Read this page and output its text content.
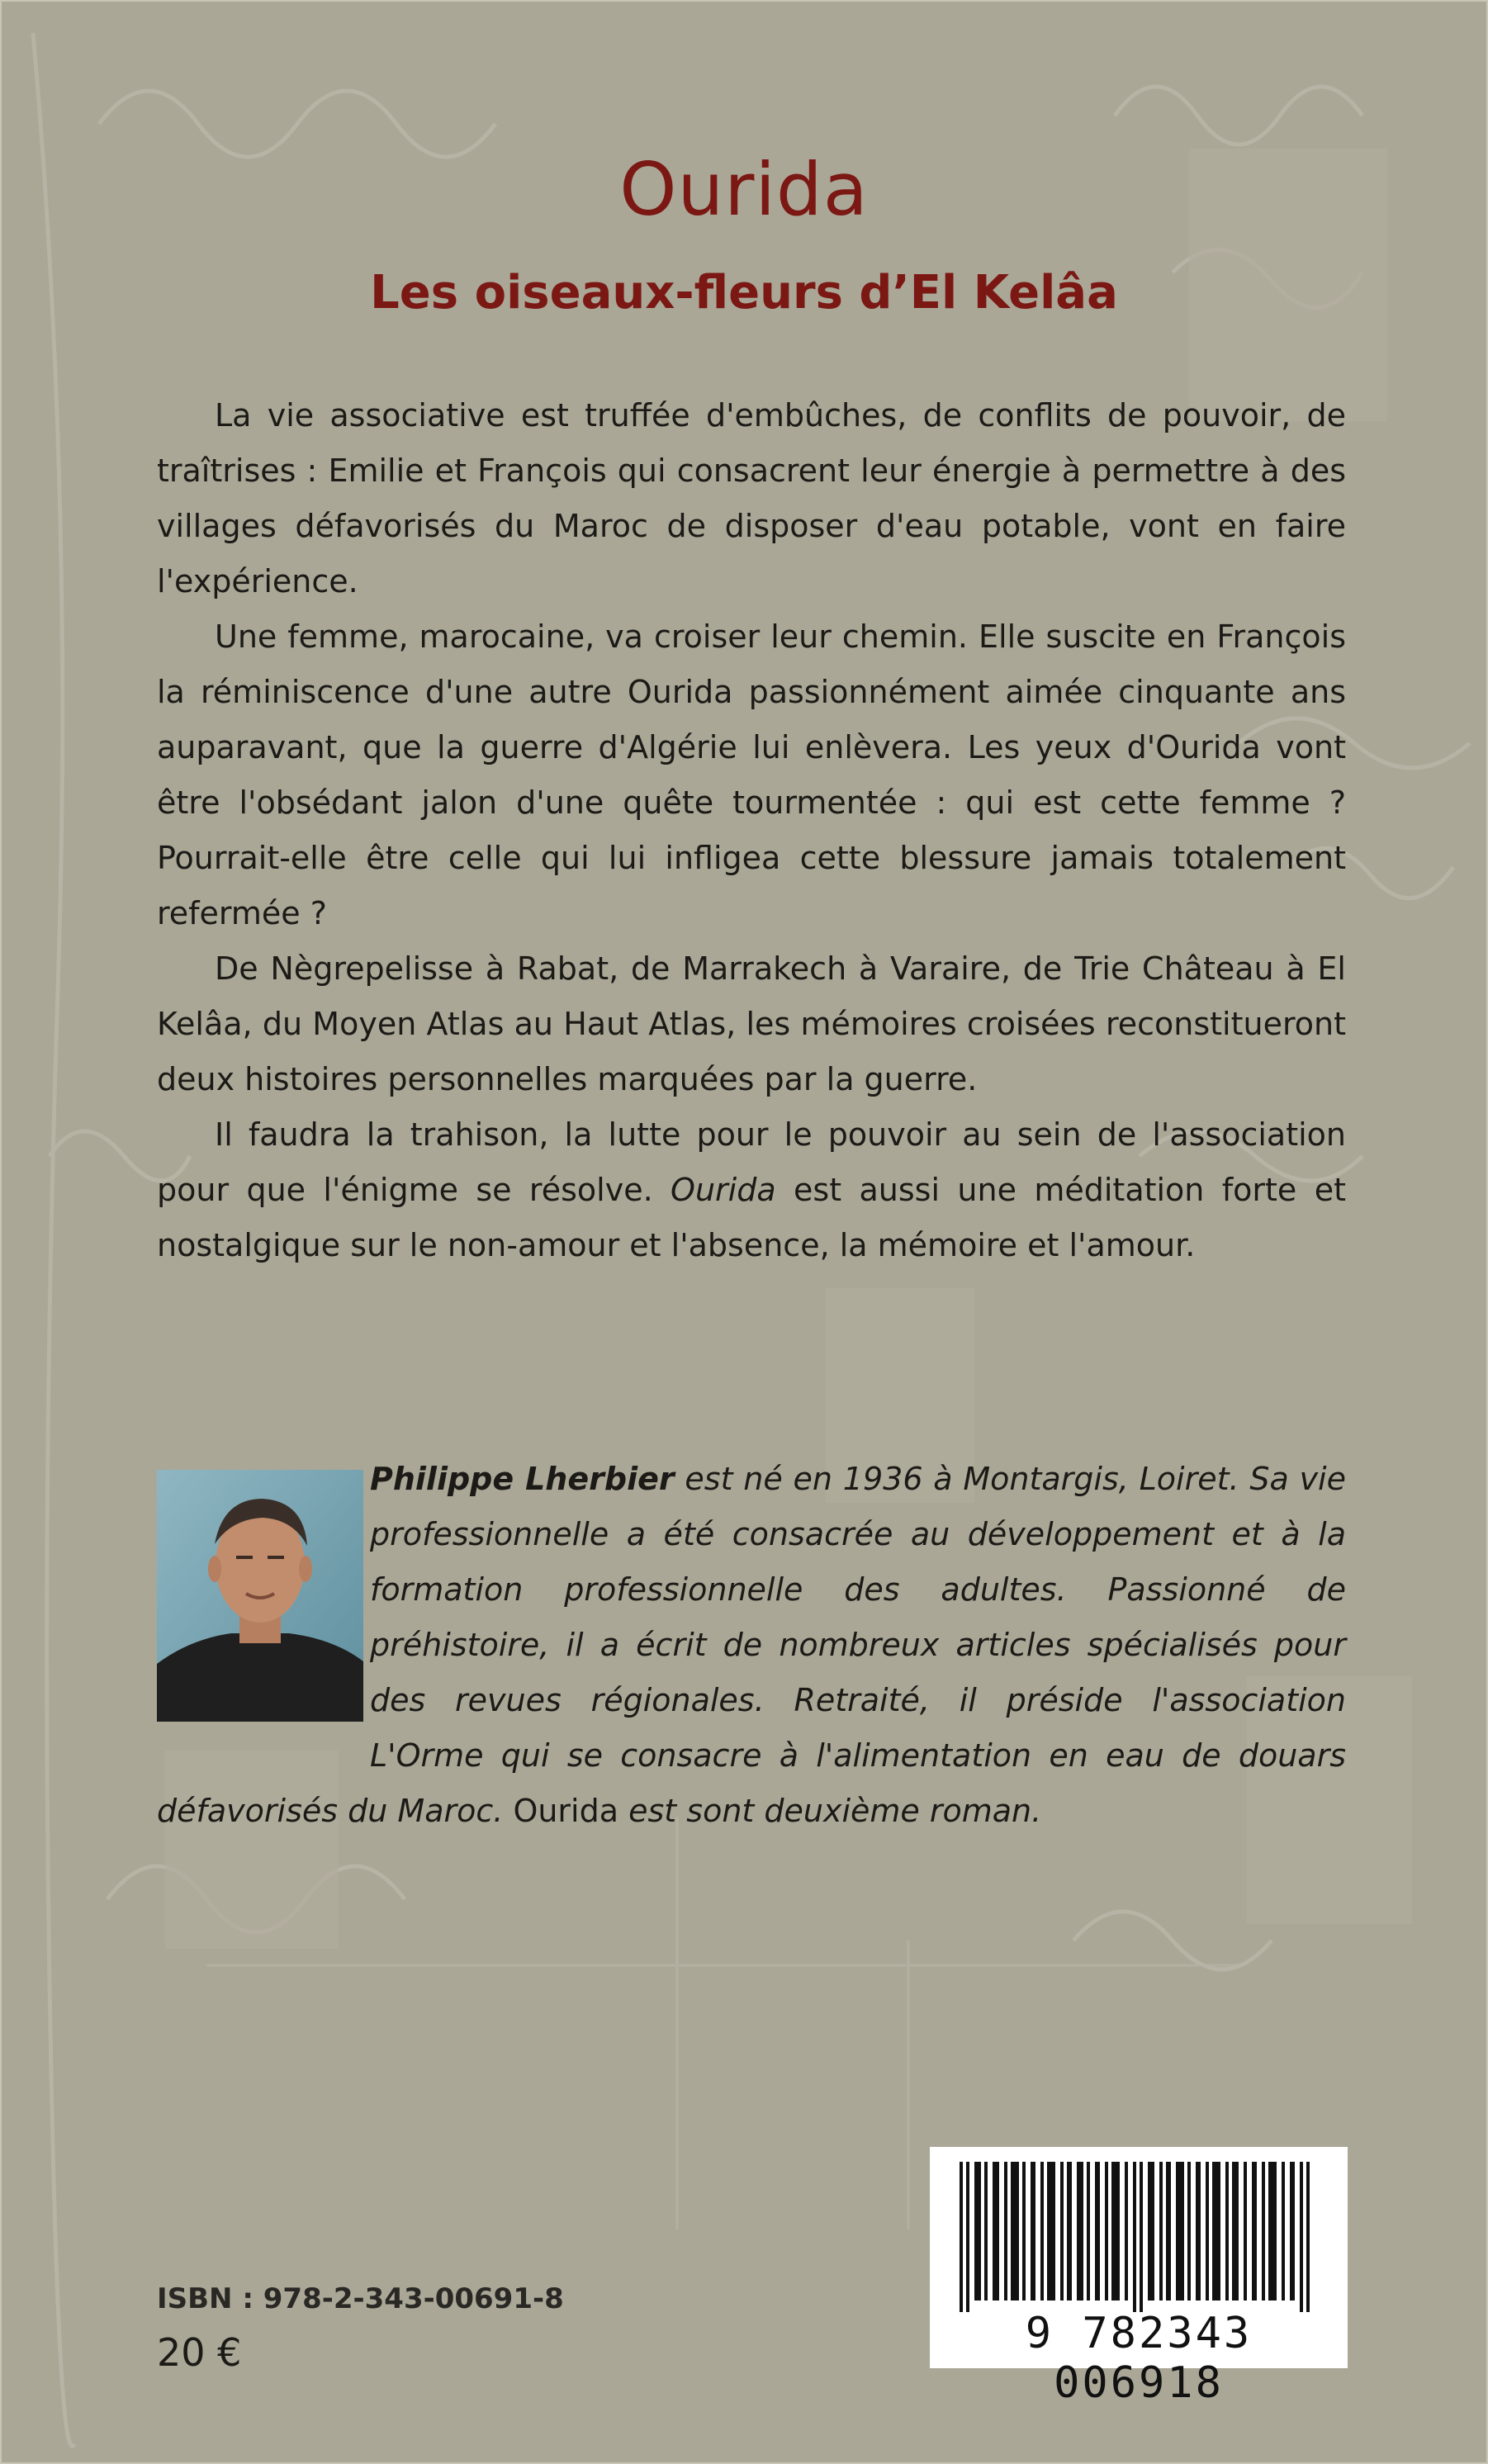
Ourida
Les oiseaux-fleurs d’El Kelâa

La vie associative est truffée d'embûches, de conflits de pouvoir, de traîtrises : Emilie et François qui consacrent leur énergie à permettre à des villages défavorisés du Maroc de disposer d'eau potable, vont en faire l'expérience.

Une femme, marocaine, va croiser leur chemin. Elle suscite en François la réminiscence d'une autre Ourida passionnément aimée cinquante ans auparavant, que la guerre d'Algérie lui enlèvera. Les yeux d'Ourida vont être l'obsédant jalon d'une quête tourmentée : qui est cette femme ? Pourrait-elle être celle qui lui infligea cette blessure jamais totalement refermée ?

De Nègrepelisse à Rabat, de Marrakech à Varaire, de Trie Château à El Kelâa, du Moyen Atlas au Haut Atlas, les mémoires croisées reconstitueront deux histoires personnelles marquées par la guerre.

Il faudra la trahison, la lutte pour le pouvoir au sein de l'association pour que l'énigme se résolve. Ourida est aussi une méditation forte et nostalgique sur le non-amour et l'absence, la mémoire et l'amour.

Philippe Lherbier est né en 1936 à Montargis, Loiret. Sa vie professionnelle a été consacrée au développement et à la formation professionnelle des adultes. Passionné de préhistoire, il a écrit de nombreux articles spécialisés pour des revues régionales. Retraité, il préside l'association L'Orme qui se consacre à l'alimentation en eau de douars défavorisés du Maroc. Ourida est sont deuxième roman.
9 782343 006918
ISBN : 978-2-343-00691-8
20 €
